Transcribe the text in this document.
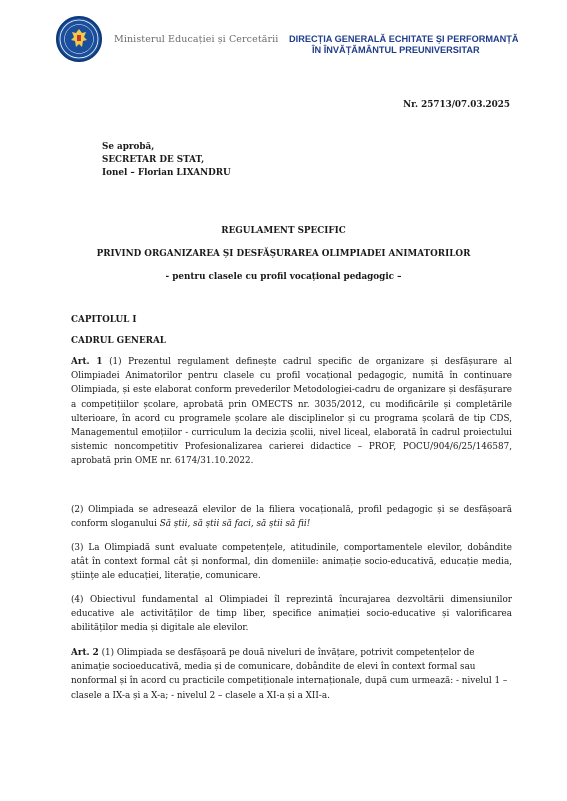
Ministerul Educației și Cercetării DIRECȚIA GENERALĂ ECHITATE ȘI PERFORMANȚĂ
ÎN ÎNVĂȚĂMÂNTUL PREUNIVERSITAR
Nr. 25713/07.03.2025
Se aprobă,
SECRETAR DE STAT,
Ionel – Florian LIXANDRU
REGULAMENT SPECIFIC
PRIVIND ORGANIZAREA ȘI DESFĂȘURAREA OLIMPIADEI ANIMATORILOR
- pentru clasele cu profil vocațional pedagogic –
CAPITOLUL I
CADRUL GENERAL
Art. 1 (1) Prezentul regulament definește cadrul specific de organizare și desfășurare al Olimpiadei Animatorilor pentru clasele cu profil vocațional pedagogic, numită în continuare Olimpiada, și este elaborat conform prevederilor Metodologiei-cadru de organizare și desfășurare a competițiilor școlare, aprobată prin OMECTS nr. 3035/2012, cu modificările și completările ulterioare, în acord cu programele școlare ale disciplinelor și cu programa școlară de tip CDS, Managementul emoțiilor - curriculum la decizia școlii, nivel liceal, elaborată în cadrul proiectului sistemic noncompetitiv Profesionalizarea carierei didactice – PROF, POCU/904/6/25/146587, aprobată prin OME nr. 6174/31.10.2022.
(2) Olimpiada se adresează elevilor de la filiera vocațională, profil pedagogic și se desfășoară conform sloganului Să știi, să știi să faci, să știi să fii!
(3) La Olimpiadă sunt evaluate competențele, atitudinile, comportamentele elevilor, dobândite atât în context formal cât și nonformal, din domeniile: animație socio-educativă, educație media, științe ale educației, literație, comunicare.
(4) Obiectivul fundamental al Olimpiadei îl reprezintă încurajarea dezvoltării dimensiunilor educative ale activităților de timp liber, specifice animației socio-educative și valorificarea abilităților media și digitale ale elevilor.
Art. 2 (1) Olimpiada se desfășoară pe două niveluri de învățare, potrivit competențelor de animație socioeducativă, media și de comunicare, dobândite de elevi în context formal sau nonformal și în acord cu practicile competiționale internaționale, după cum urmează: - nivelul 1 – clasele a IX-a și a X-a; - nivelul 2 – clasele a XI-a și a XII-a.
